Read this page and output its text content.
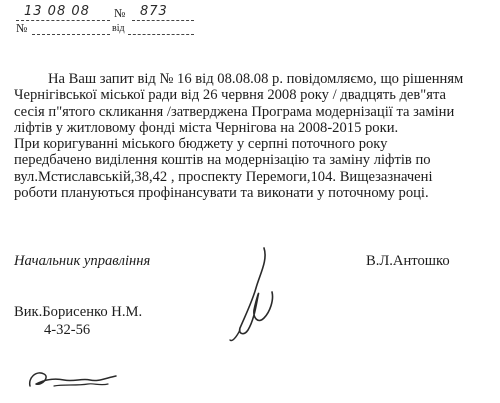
13 08 08 № 873
№	від
На Ваш запит від № 16 від 08.08.08 р. повідомляємо, що рішенням
Чернігівської міської ради від 26 червня 2008 року / двадцять дев"ята
сесія п"ятого скликання /затверджена Програма модернізації та заміни
ліфтів у житловому фонді міста Чернігова на 2008-2015 роки.
При коригуванні міського бюджету у серпні поточного року
передбачено виділення коштів на модернізацію та заміну ліфтів по
вул.Мстиславській,38,42 , проспекту Перемоги,104. Вищезазначені
роботи плануються профінансувати та виконати у поточному році.
Начальник управління	В.Л.Антошко
Вик.Борисенко Н.М.
4-32-56
